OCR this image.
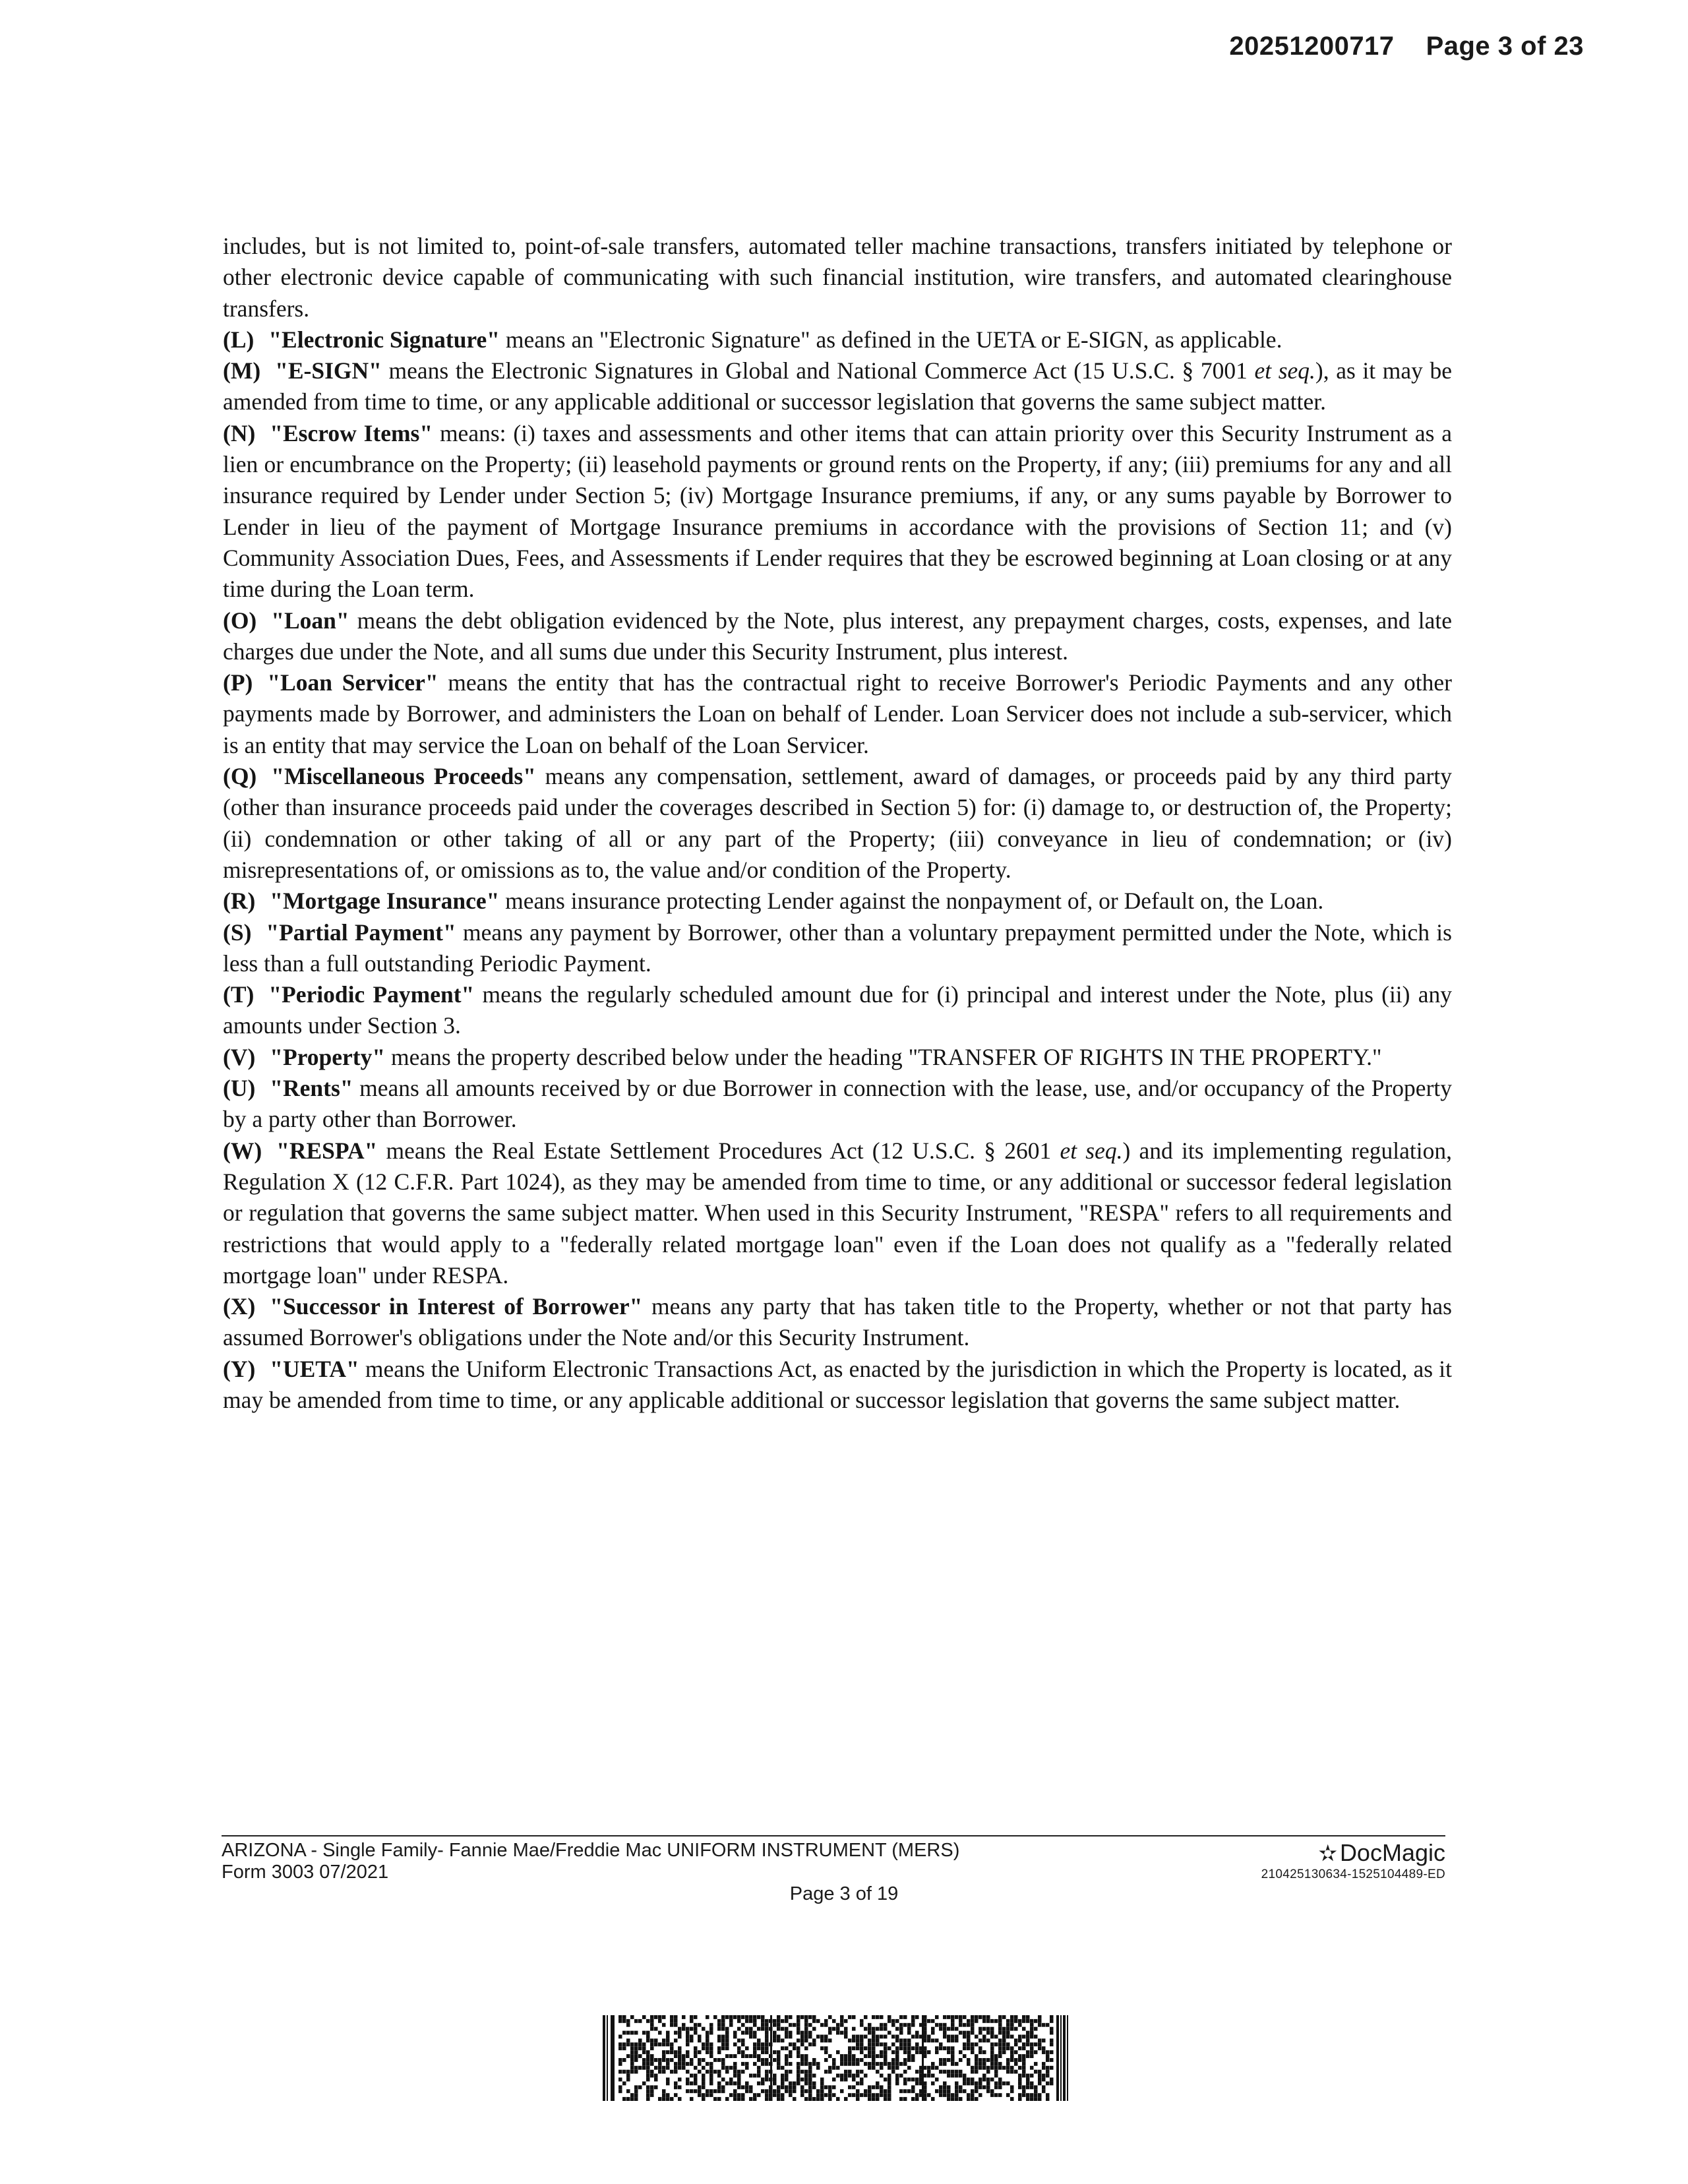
20251200717 Page 3 of 23

includes, but is not limited to, point-of-sale transfers, automated teller machine transactions, transfers initiated by telephone or other electronic device capable of communicating with such financial institution, wire transfers, and automated clearinghouse transfers.

(L) "Electronic Signature" means an "Electronic Signature" as defined in the UETA or E-SIGN, as applicable.

(M) "E-SIGN" means the Electronic Signatures in Global and National Commerce Act (15 U.S.C. § 7001 et seq.), as it may be amended from time to time, or any applicable additional or successor legislation that governs the same subject matter.

(N) "Escrow Items" means: (i) taxes and assessments and other items that can attain priority over this Security Instrument as a lien or encumbrance on the Property; (ii) leasehold payments or ground rents on the Property, if any; (iii) premiums for any and all insurance required by Lender under Section 5; (iv) Mortgage Insurance premiums, if any, or any sums payable by Borrower to Lender in lieu of the payment of Mortgage Insurance premiums in accordance with the provisions of Section 11; and (v) Community Association Dues, Fees, and Assessments if Lender requires that they be escrowed beginning at Loan closing or at any time during the Loan term.

(O) "Loan" means the debt obligation evidenced by the Note, plus interest, any prepayment charges, costs, expenses, and late charges due under the Note, and all sums due under this Security Instrument, plus interest.

(P) "Loan Servicer" means the entity that has the contractual right to receive Borrower's Periodic Payments and any other payments made by Borrower, and administers the Loan on behalf of Lender. Loan Servicer does not include a sub-servicer, which is an entity that may service the Loan on behalf of the Loan Servicer.

(Q) "Miscellaneous Proceeds" means any compensation, settlement, award of damages, or proceeds paid by any third party (other than insurance proceeds paid under the coverages described in Section 5) for: (i) damage to, or destruction of, the Property; (ii) condemnation or other taking of all or any part of the Property; (iii) conveyance in lieu of condemnation; or (iv) misrepresentations of, or omissions as to, the value and/or condition of the Property.

(R) "Mortgage Insurance" means insurance protecting Lender against the nonpayment of, or Default on, the Loan.

(S) "Partial Payment" means any payment by Borrower, other than a voluntary prepayment permitted under the Note, which is less than a full outstanding Periodic Payment.

(T) "Periodic Payment" means the regularly scheduled amount due for (i) principal and interest under the Note, plus (ii) any amounts under Section 3.

(V) "Property" means the property described below under the heading "TRANSFER OF RIGHTS IN THE PROPERTY."

(U) "Rents" means all amounts received by or due Borrower in connection with the lease, use, and/or occupancy of the Property by a party other than Borrower.

(W) "RESPA" means the Real Estate Settlement Procedures Act (12 U.S.C. § 2601 et seq.) and its implementing regulation, Regulation X (12 C.F.R. Part 1024), as they may be amended from time to time, or any additional or successor federal legislation or regulation that governs the same subject matter. When used in this Security Instrument, "RESPA" refers to all requirements and restrictions that would apply to a "federally related mortgage loan" even if the Loan does not qualify as a "federally related mortgage loan" under RESPA.

(X) "Successor in Interest of Borrower" means any party that has taken title to the Property, whether or not that party has assumed Borrower's obligations under the Note and/or this Security Instrument.

(Y) "UETA" means the Uniform Electronic Transactions Act, as enacted by the jurisdiction in which the Property is located, as it may be amended from time to time, or any applicable additional or successor legislation that governs the same subject matter.

ARIZONA - Single Family- Fannie Mae/Freddie Mac UNIFORM INSTRUMENT (MERS)
Form 3003 07/2021
Page 3 of 19
✫ DocMagic
210425130634-1525104489-ED
